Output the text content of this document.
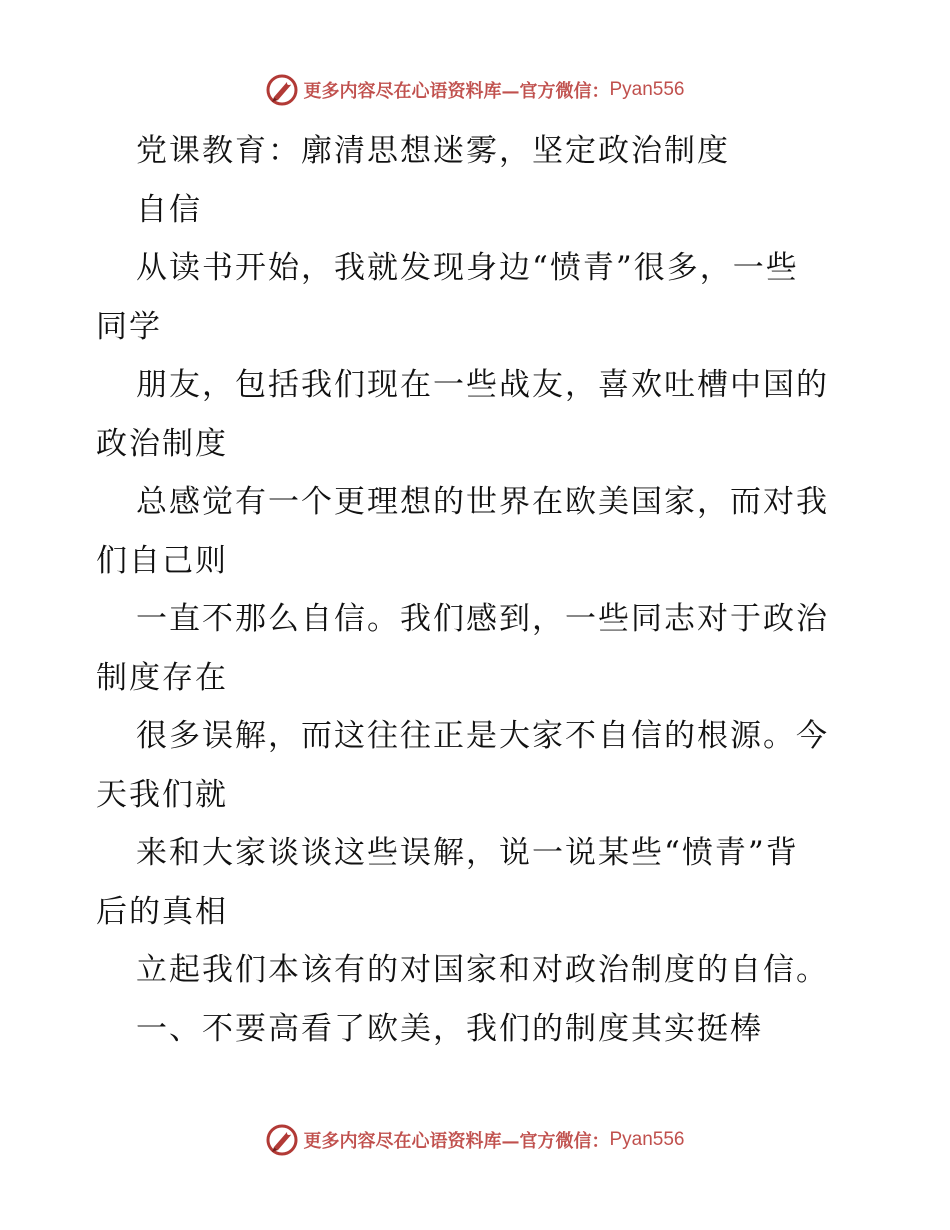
更多内容尽在心语资料库—官方微信： Pyan556
党课教育：廓清思想迷雾，坚定政治制度
自信
从读书开始，我就发现身边“愤青”很多，一些
同学
朋友，包括我们现在一些战友，喜欢吐槽中国的
政治制度
总感觉有一个更理想的世界在欧美国家，而对我
们自己则
一直不那么自信。我们感到，一些同志对于政治
制度存在
很多误解，而这往往正是大家不自信的根源。今
天我们就
来和大家谈谈这些误解，说一说某些“愤青”背
后的真相
立起我们本该有的对国家和对政治制度的自信。
一、不要高看了欧美，我们的制度其实挺棒
更多内容尽在心语资料库—官方微信： Pyan556
